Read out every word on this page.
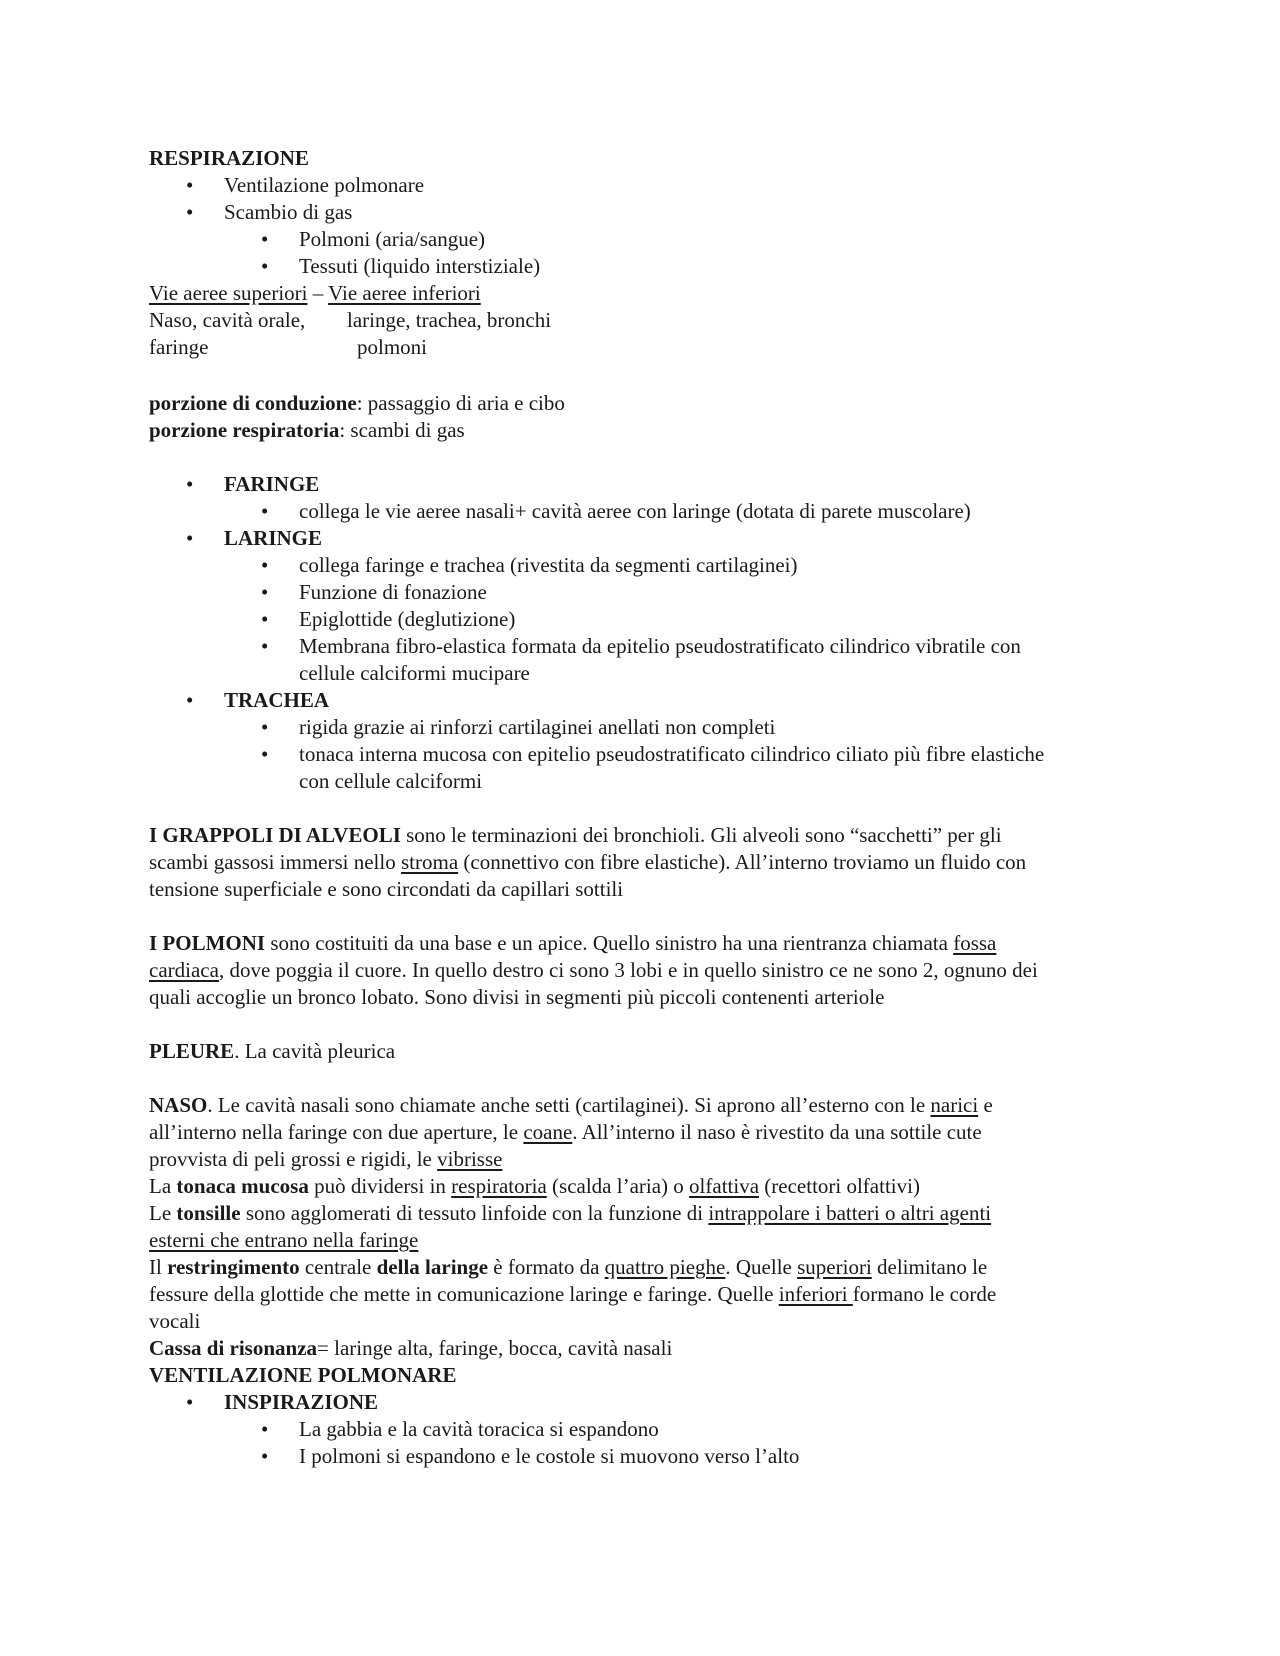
RESPIRAZIONE
• Ventilazione polmonare
• Scambio di gas
• Polmoni (aria/sangue)
• Tessuti (liquido interstiziale)
Vie aeree superiori – Vie aeree inferiori
Naso, cavità orale, laringe, trachea, bronchi
faringe	polmoni
porzione di conduzione: passaggio di aria e cibo
porzione respiratoria: scambi di gas
• FARINGE
• collega le vie aeree nasali+ cavità aeree con laringe (dotata di parete muscolare)
• LARINGE
• collega faringe e trachea (rivestita da segmenti cartilaginei)
• Funzione di fonazione
• Epiglottide (deglutizione)
• Membrana fibro-elastica formata da epitelio pseudostratificato cilindrico vibratile con
cellule calciformi mucipare
• TRACHEA
• rigida grazie ai rinforzi cartilaginei anellati non completi
• tonaca interna mucosa con epitelio pseudostratificato cilindrico ciliato più fibre elastiche
con cellule calciformi
I GRAPPOLI DI ALVEOLI sono le terminazioni dei bronchioli. Gli alveoli sono “sacchetti” per gli
scambi gassosi immersi nello stroma (connettivo con fibre elastiche). All’interno troviamo un fluido con
tensione superficiale e sono circondati da capillari sottili
I POLMONI sono costituiti da una base e un apice. Quello sinistro ha una rientranza chiamata fossa
cardiaca, dove poggia il cuore. In quello destro ci sono 3 lobi e in quello sinistro ce ne sono 2, ognuno dei
quali accoglie un bronco lobato. Sono divisi in segmenti più piccoli contenenti arteriole
PLEURE. La cavità pleurica
NASO. Le cavità nasali sono chiamate anche setti (cartilaginei). Si aprono all’esterno con le narici e
all’interno nella faringe con due aperture, le coane. All’interno il naso è rivestito da una sottile cute
provvista di peli grossi e rigidi, le vibrisse
La tonaca mucosa può dividersi in respiratoria (scalda l’aria) o olfattiva (recettori olfattivi)
Le tonsille sono agglomerati di tessuto linfoide con la funzione di intrappolare i batteri o altri agenti
esterni che entrano nella faringe
Il restringimento centrale della laringe è formato da quattro pieghe. Quelle superiori delimitano le
fessure della glottide che mette in comunicazione laringe e faringe. Quelle inferiori formano le corde
vocali
Cassa di risonanza= laringe alta, faringe, bocca, cavità nasali
VENTILAZIONE POLMONARE
• INSPIRAZIONE
• La gabbia e la cavità toracica si espandono
• I polmoni si espandono e le costole si muovono verso l’alto
